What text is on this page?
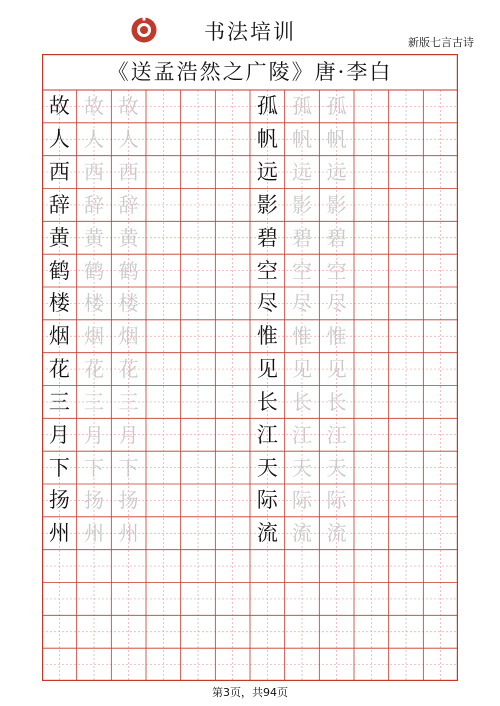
书法培训	新版七言古诗
《送孟浩然之广陵》唐·李白
故 故 故
人 人 人
西 西 西
辞 辞 辞
黄 黄 黄
鹤 鹤 鹤
楼 楼 楼
烟 烟 烟
花 花 花
三 三 三
月 月 月
下 下 下
扬 扬 扬
州 州 州
孤 孤 孤
帆 帆 帆
远 远 远
影 影 影
碧 碧 碧
空 空 空
尽 尽 尽
惟 惟 惟
见 见 见
长 长 长
江 江 江
天 天 天
际 际 际
流 流 流
第3页，共94页
